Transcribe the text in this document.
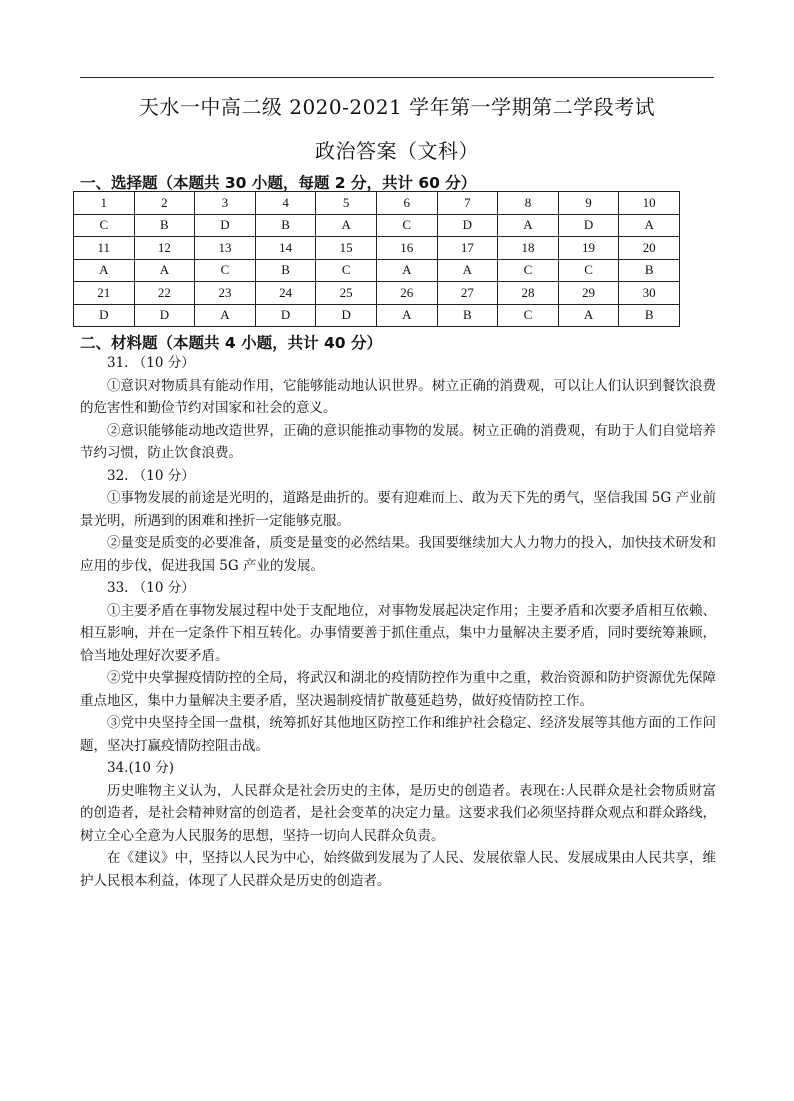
天水一中高二级 2020-2021 学年第一学期第二学段考试
政治答案（文科）
一、选择题（本题共 30 小题，每题 2 分，共计 60 分）
1	2	3	4	5	6	7	8	9	10
C	B	D	B	A	C	D	A	D	A
11	12	13	14	15	16	17	18	19	20
A	A	C	B	C	A	A	C	C	B
21	22	23	24	25	26	27	28	29	30
D	D	A	D	D	A	B	C	A	B
二、材料题（本题共 4 小题，共计 40 分）

31. （10 分）

①意识对物质具有能动作用，它能够能动地认识世界。树立正确的消费观，可以让人们认识到餐饮浪费的危害性和勤俭节约对国家和社会的意义。

②意识能够能动地改造世界，正确的意识能推动事物的发展。树立正确的消费观，有助于人们自觉培养节约习惯，防止饮食浪费。

32. （10 分）

①事物发展的前途是光明的，道路是曲折的。要有迎难而上、敢为天下先的勇气，坚信我国 5G 产业前景光明，所遇到的困难和挫折一定能够克服。

②量变是质变的必要准备，质变是量变的必然结果。我国要继续加大人力物力的投入，加快技术研发和应用的步伐，促进我国 5G 产业的发展。

33. （10 分）

①主要矛盾在事物发展过程中处于支配地位，对事物发展起决定作用；主要矛盾和次要矛盾相互依赖、相互影响，并在一定条件下相互转化。办事情要善于抓住重点，集中力量解决主要矛盾，同时要统筹兼顾，恰当地处理好次要矛盾。

②党中央掌握疫情防控的全局，将武汉和湖北的疫情防控作为重中之重，救治资源和防护资源优先保障重点地区，集中力量解决主要矛盾，坚决遏制疫情扩散蔓延趋势，做好疫情防控工作。

③党中央坚持全国一盘棋，统筹抓好其他地区防控工作和维护社会稳定、经济发展等其他方面的工作问题，坚决打赢疫情防控阻击战。

34.(10 分)

历史唯物主义认为，人民群众是社会历史的主体，是历史的创造者。表现在:人民群众是社会物质财富的创造者，是社会精神财富的创造者，是社会变革的决定力量。这要求我们必须坚持群众观点和群众路线，树立全心全意为人民服务的思想，坚持一切向人民群众负责。

在《建议》中，坚持以人民为中心，始终做到发展为了人民、发展依靠人民、发展成果由人民共享，维护人民根本利益，体现了人民群众是历史的创造者。
